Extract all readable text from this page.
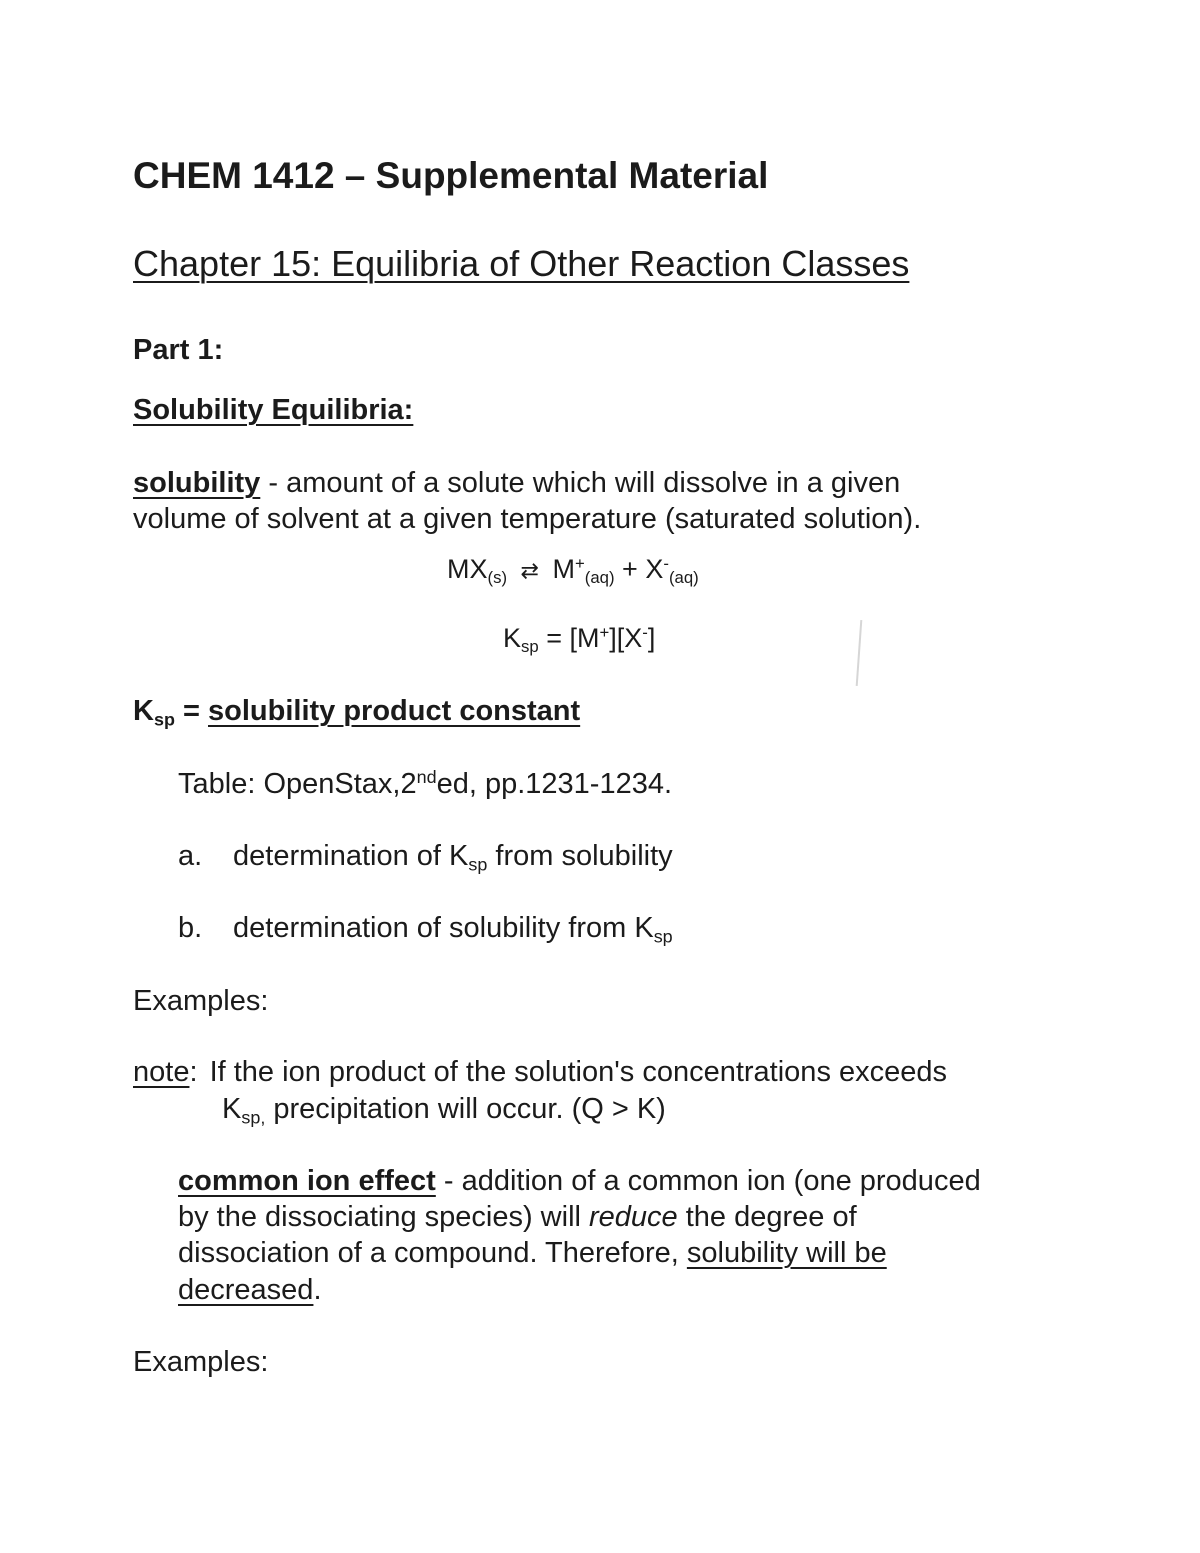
CHEM 1412 – Supplemental Material
Chapter 15: Equilibria of Other Reaction Classes
Part 1:
Solubility Equilibria:
solubility - amount of a solute which will dissolve in a given
volume of solvent at a given temperature (saturated solution).
$MX_{(s)}$ ⇄ $M^+_{(aq)} + X^-_{(aq)}$
$K_{sp} = [M^+][X^-]$
$K_{sp}$ = solubility product constant
Table: OpenStax,2nded, pp.1231-1234.
a. determination of $K_{sp}$ from solubility
b. determination of solubility from $K_{sp}$
Examples:
note: If the ion product of the solution's concentrations exceeds
$K_{sp,}$ precipitation will occur. (Q > K)
common ion effect - addition of a common ion (one produced
by the dissociating species) will reduce the degree of
dissociation of a compound. Therefore, solubility will be
decreased.
Examples:
